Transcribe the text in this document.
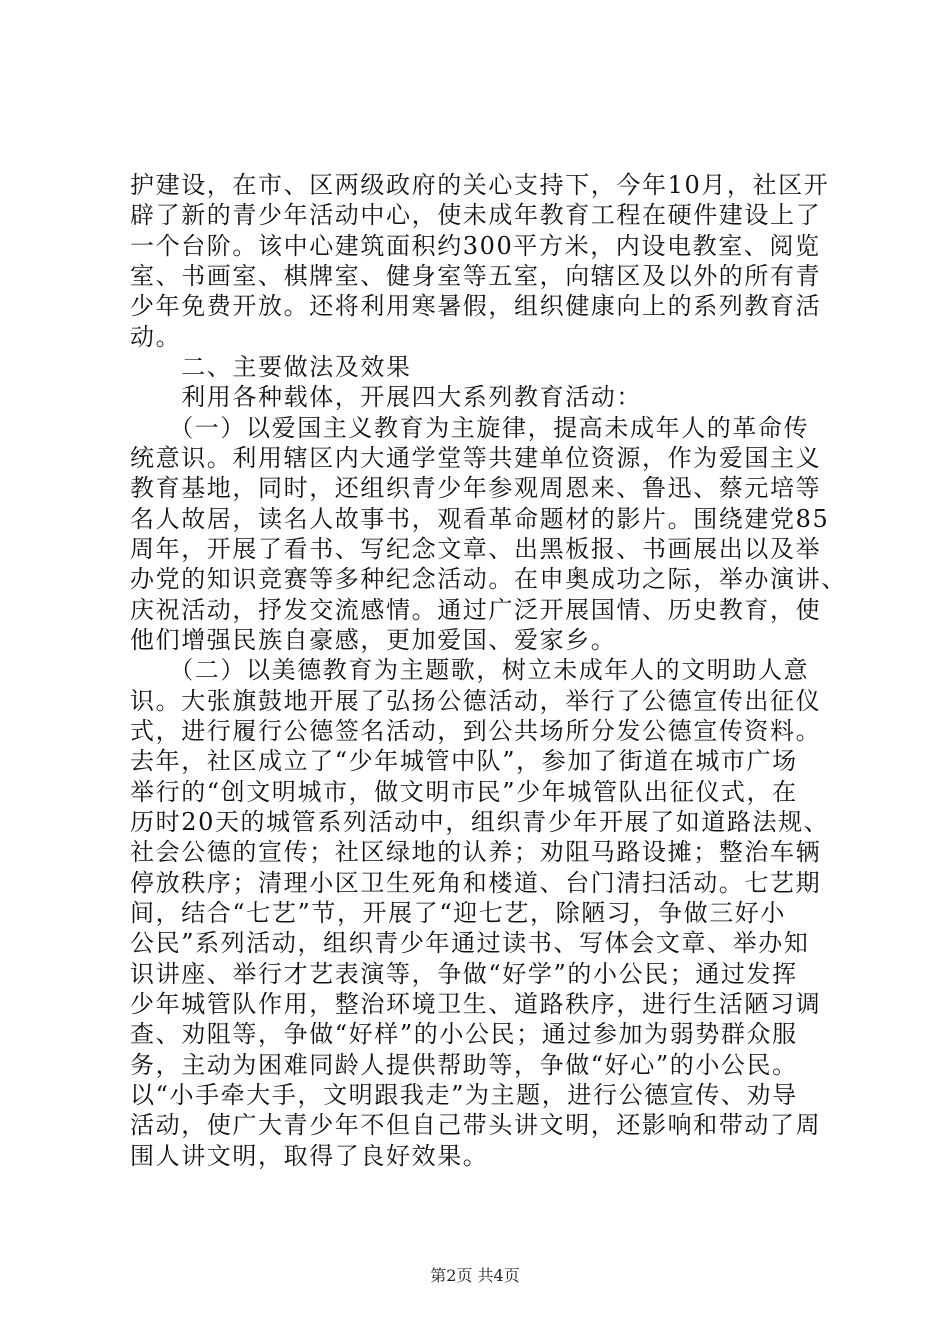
护建设，在市、区两级政府的关心支持下，今年10月，社区开
辟了新的青少年活动中心，使未成年教育工程在硬件建设上了
一个台阶。该中心建筑面积约300平方米，内设电教室、阅览
室、书画室、棋牌室、健身室等五室，向辖区及以外的所有青
少年免费开放。还将利用寒暑假，组织健康向上的系列教育活
动。
　　二、主要做法及效果
　　利用各种载体，开展四大系列教育活动：
　　（一）以爱国主义教育为主旋律，提高未成年人的革命传
统意识。利用辖区内大通学堂等共建单位资源，作为爱国主义
教育基地，同时，还组织青少年参观周恩来、鲁迅、蔡元培等
名人故居，读名人故事书，观看革命题材的影片。围绕建党85
周年，开展了看书、写纪念文章、出黑板报、书画展出以及举
办党的知识竞赛等多种纪念活动。在申奥成功之际，举办演讲、
庆祝活动，抒发交流感情。通过广泛开展国情、历史教育，使
他们增强民族自豪感，更加爱国、爱家乡。
　　（二）以美德教育为主题歌，树立未成年人的文明助人意
识。大张旗鼓地开展了弘扬公德活动，举行了公德宣传出征仪
式，进行履行公德签名活动，到公共场所分发公德宣传资料。
去年，社区成立了“少年城管中队”，参加了街道在城市广场
举行的“创文明城市，做文明市民”少年城管队出征仪式，在
历时20天的城管系列活动中，组织青少年开展了如道路法规、
社会公德的宣传；社区绿地的认养；劝阻马路设摊；整治车辆
停放秩序；清理小区卫生死角和楼道、台门清扫活动。七艺期
间，结合“七艺”节，开展了“迎七艺，除陋习，争做三好小
公民”系列活动，组织青少年通过读书、写体会文章、举办知
识讲座、举行才艺表演等，争做“好学”的小公民；通过发挥
少年城管队作用，整治环境卫生、道路秩序，进行生活陋习调
查、劝阻等，争做“好样”的小公民；通过参加为弱势群众服
务，主动为困难同龄人提供帮助等，争做“好心”的小公民。
以“小手牵大手，文明跟我走”为主题，进行公德宣传、劝导
活动，使广大青少年不但自己带头讲文明，还影响和带动了周
围人讲文明，取得了良好效果。
第2页 共4页
